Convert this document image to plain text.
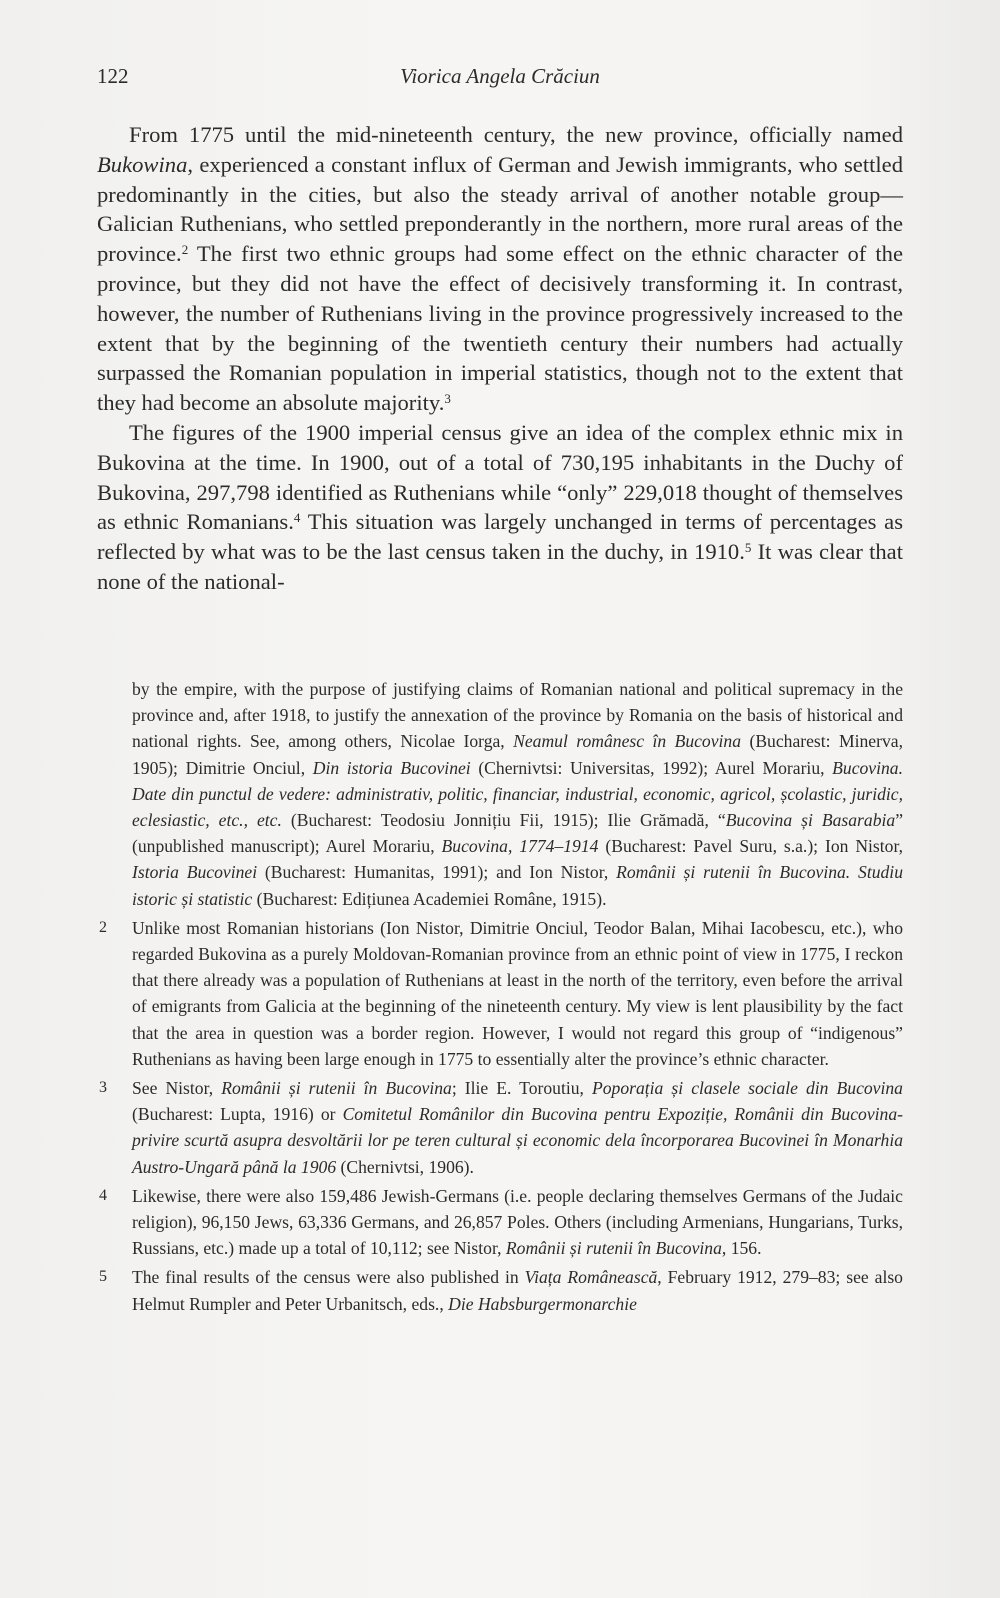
122	Viorica Angela Crăciun

From 1775 until the mid-nineteenth century, the new province, officially named Bukowina, experienced a constant influx of German and Jewish immigrants, who settled predominantly in the cities, but also the steady arrival of another notable group—Galician Ruthenians, who settled preponderantly in the northern, more rural areas of the province.$^2$ The first two ethnic groups had some effect on the ethnic character of the province, but they did not have the effect of decisively transforming it. In contrast, however, the number of Ruthenians living in the province progressively increased to the extent that by the beginning of the twentieth century their numbers had actually surpassed the Romanian population in imperial statistics, though not to the extent that they had become an absolute majority.$^3$

The figures of the 1900 imperial census give an idea of the complex ethnic mix in Bukovina at the time. In 1900, out of a total of 730,195 inhabitants in the Duchy of Bukovina, 297,798 identified as Ruthenians while “only” 229,018 thought of themselves as ethnic Romanians.$^4$ This situation was largely unchanged in terms of percentages as reflected by what was to be the last census taken in the duchy, in 1910.$^5$ It was clear that none of the national-

by the empire, with the purpose of justifying claims of Romanian national and political supremacy in the province and, after 1918, to justify the annexation of the province by Romania on the basis of historical and national rights. See, among others, Nicolae Iorga, Neamul românesc în Bucovina (Bucharest: Minerva, 1905); Dimitrie Onciul, Din istoria Bucovinei (Chernivtsi: Universitas, 1992); Aurel Morariu, Bucovina. Date din punctul de vedere: administrativ, politic, financiar, industrial, economic, agricol, școlastic, juridic, eclesiastic, etc., etc. (Bucharest: Teodosiu Jonnițiu Fii, 1915); Ilie Grămadă, “Bucovina și Basarabia” (unpublished manuscript); Aurel Morariu, Bucovina, 1774–1914 (Bucharest: Pavel Suru, s.a.); Ion Nistor, Istoria Bucovinei (Bucharest: Humanitas, 1991); and Ion Nistor, Românii și rutenii în Bucovina. Studiu istoric și statistic (Bucharest: Edițiunea Academiei Române, 1915).
2 Unlike most Romanian historians (Ion Nistor, Dimitrie Onciul, Teodor Balan, Mihai Iacobescu, etc.), who regarded Bukovina as a purely Moldovan-Romanian province from an ethnic point of view in 1775, I reckon that there already was a population of Ruthenians at least in the north of the territory, even before the arrival of emigrants from Galicia at the beginning of the nineteenth century. My view is lent plausibility by the fact that the area in question was a border region. However, I would not regard this group of “indigenous” Ruthenians as having been large enough in 1775 to essentially alter the province’s ethnic character.
3 See Nistor, Românii și rutenii în Bucovina; Ilie E. Toroutiu, Poporația și clasele sociale din Bucovina (Bucharest: Lupta, 1916) or Comitetul Românilor din Bucovina pentru Expoziție, Românii din Bucovina-privire scurtă asupra desvoltării lor pe teren cultural și economic dela încorporarea Bucovinei în Monarhia Austro-Ungară până la 1906 (Chernivtsi, 1906).
4 Likewise, there were also 159,486 Jewish-Germans (i.e. people declaring themselves Germans of the Judaic religion), 96,150 Jews, 63,336 Germans, and 26,857 Poles. Others (including Armenians, Hungarians, Turks, Russians, etc.) made up a total of 10,112; see Nistor, Românii și rutenii în Bucovina, 156.
5 The final results of the census were also published in Viața Românească, February 1912, 279–83; see also Helmut Rumpler and Peter Urbanitsch, eds., Die Habsburgermonarchie
